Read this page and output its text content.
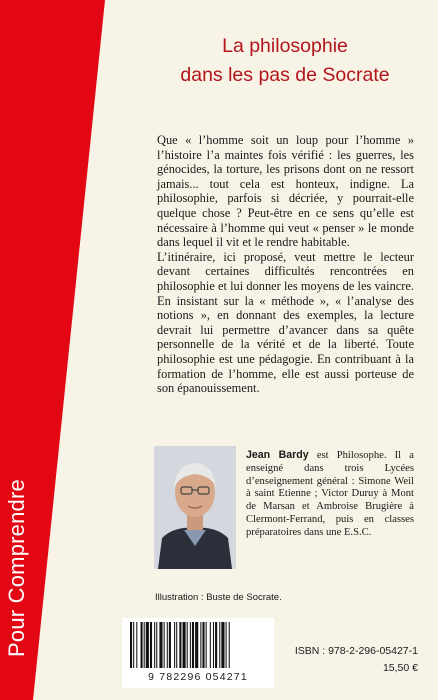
Pour Comprendre
La philosophie
dans les pas de Socrate

Que « l’homme soit un loup pour l’homme » l’histoire l’a maintes fois vérifié : les guerres, les génocides, la torture, les prisons dont on ne ressort jamais... tout cela est honteux, indigne. La philosophie, parfois si décriée, y pourrait-elle quelque chose ? Peut-être en ce sens qu’elle est nécessaire à l’homme qui veut « penser » le monde dans lequel il vit et le rendre habitable.

L’itinéraire, ici proposé, veut mettre le lecteur devant certaines difficultés rencontrées en philosophie et lui donner les moyens de les vaincre. En insistant sur la « méthode », « l’analyse des notions », en donnant des exemples, la lecture devrait lui permettre d’avancer dans sa quête personnelle de la vérité et de la liberté. Toute philosophie est une pédagogie. En contribuant à la formation de l’homme, elle est aussi porteuse de son épanouissement.

Jean Bardy est Philosophe. Il a enseigné dans trois Lycées d’enseignement général : Simone Weil à saint Etienne ; Victor Duruy à Mont de Marsan et Ambroise Brugière à Clermont-Ferrand, puis en classes préparatoires dans une E.S.C.
Illustration : Buste de Socrate.
9 782296 054271
ISBN : 978-2-296-05427-1
15,50 €
